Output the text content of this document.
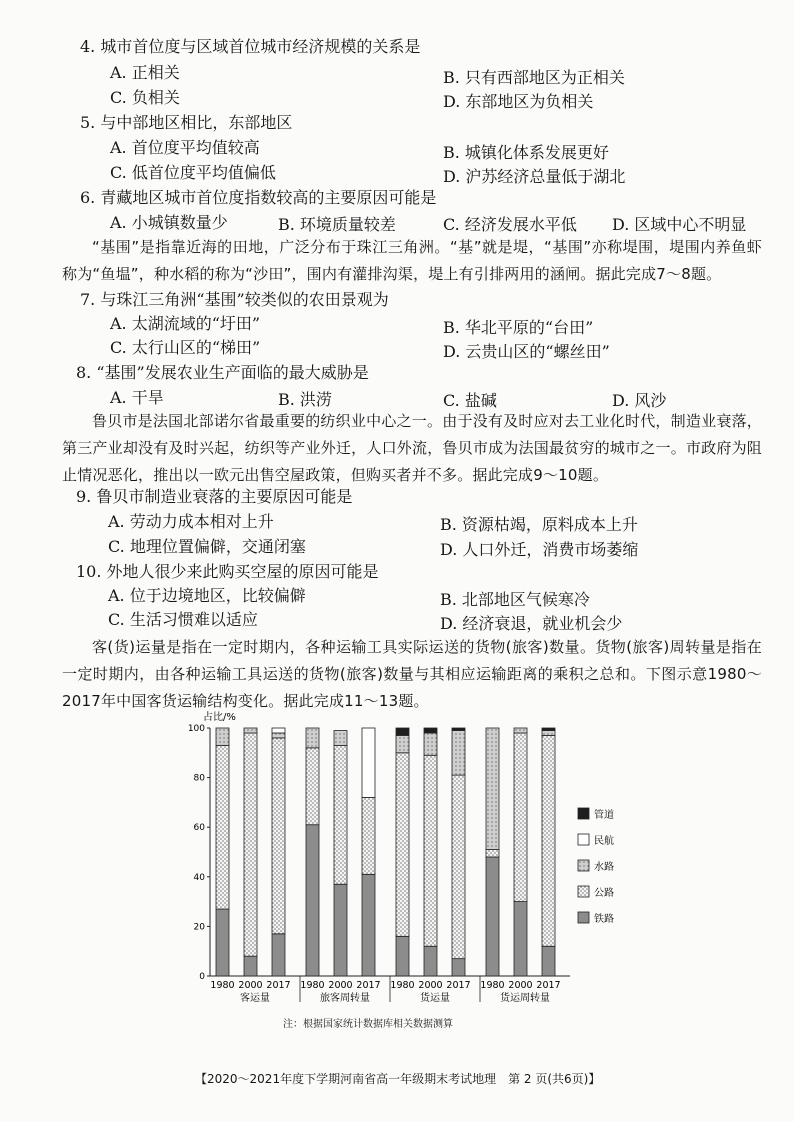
4. 城市首位度与区域首位城市经济规模的关系是
A. 正相关	B. 只有西部地区为正相关
C. 负相关	D. 东部地区为负相关
5. 与中部地区相比，东部地区
A. 首位度平均值较高	B. 城镇化体系发展更好
C. 低首位度平均值偏低	D. 沪苏经济总量低于湖北
6. 青藏地区城市首位度指数较高的主要原因可能是
A. 小城镇数量少	B. 环境质量较差	C. 经济发展水平低 D. 区域中心不明显
“基围”是指靠近海的田地，广泛分布于珠江三角洲。“基”就是堤，“基围”亦称堤围，堤围内养鱼虾称为“鱼塭”，种水稻的称为“沙田”，围内有灌排沟渠，堤上有引排两用的涵闸。据此完成7～8题。
7. 与珠江三角洲“基围”较类似的农田景观为
A. 太湖流域的“圩田”	B. 华北平原的“台田”
C. 太行山区的“梯田”	D. 云贵山区的“螺丝田”
8. “基围”发展农业生产面临的最大威胁是
A. 干旱	B. 洪涝	C. 盐碱	D. 风沙
鲁贝市是法国北部诺尔省最重要的纺织业中心之一。由于没有及时应对去工业化时代，制造业衰落，第三产业却没有及时兴起，纺织等产业外迁，人口外流，鲁贝市成为法国最贫穷的城市之一。市政府为阻止情况恶化，推出以一欧元出售空屋政策，但购买者并不多。据此完成9～10题。
9. 鲁贝市制造业衰落的主要原因可能是
A. 劳动力成本相对上升	B. 资源枯竭，原料成本上升
C. 地理位置偏僻，交通闭塞	D. 人口外迁，消费市场萎缩
10. 外地人很少来此购买空屋的原因可能是
A. 位于边境地区，比较偏僻	B. 北部地区气候寒冷
C. 生活习惯难以适应	D. 经济衰退，就业机会少
客(货)运量是指在一定时期内，各种运输工具实际运送的货物(旅客)数量。货物(旅客)周转量是指在一定时期内，由各种运输工具运送的货物(旅客)数量与其相应运输距离的乘积之总和。下图示意1980～2017年中国客货运输结构变化。据此完成11～13题。
占比/%
0
20
40
60
80
100
1980 2000 2017 1980 2000 2017 1980 2000 2017 1980 2000 2017
客运量	旅客周转量	货运量	货运周转量
管道
民航
水路
公路
铁路
注：根据国家统计数据库相关数据测算
【2020～2021年度下学期河南省高一年级期末考试地理　第 2 页(共6页)】
